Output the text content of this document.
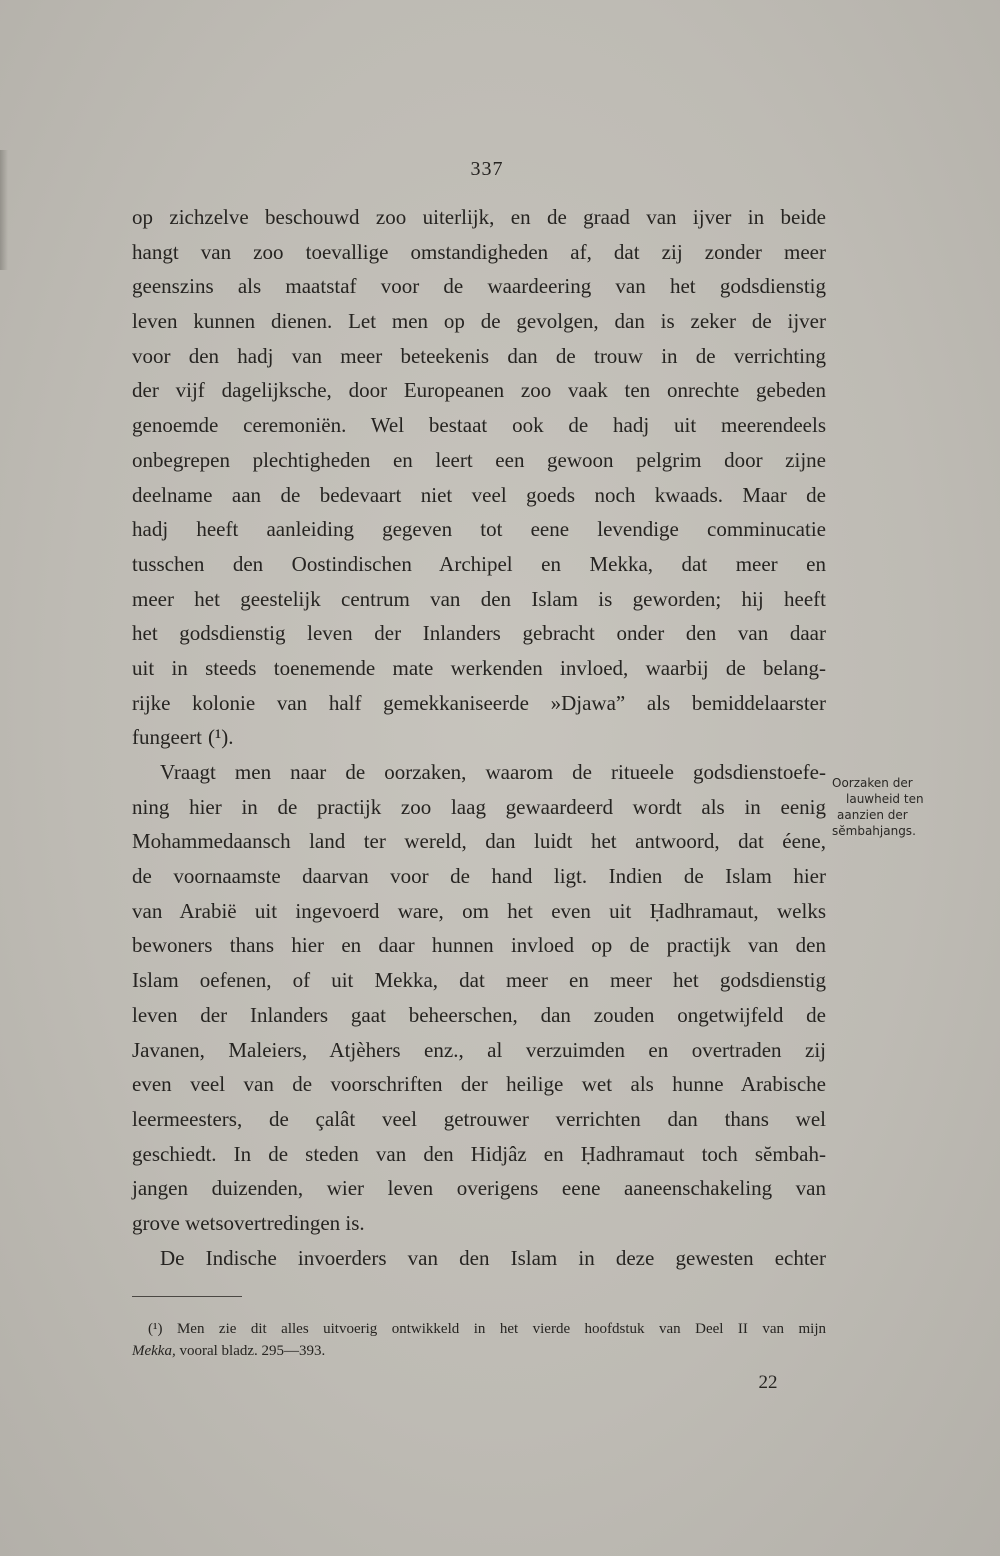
337
op zichzelve beschouwd zoo uiterlijk, en de graad van ijver in beide
hangt van zoo toevallige omstandigheden af, dat zij zonder meer
geenszins als maatstaf voor de waardeering van het godsdienstig
leven kunnen dienen. Let men op de gevolgen, dan is zeker de ijver
voor den hadj van meer beteekenis dan de trouw in de verrichting
der vijf dagelijksche, door Europeanen zoo vaak ten onrechte gebeden
genoemde ceremoniën. Wel bestaat ook de hadj uit meerendeels
onbegrepen plechtigheden en leert een gewoon pelgrim door zijne
deelname aan de bedevaart niet veel goeds noch kwaads. Maar de
hadj heeft aanleiding gegeven tot eene levendige comminucatie
tusschen den Oostindischen Archipel en Mekka, dat meer en
meer het geestelijk centrum van den Islam is geworden; hij heeft
het godsdienstig leven der Inlanders gebracht onder den van daar
uit in steeds toenemende mate werkenden invloed, waarbij de belang-
rijke kolonie van half gemekkaniseerde »Djawa” als bemiddelaarster
fungeert (¹).
Vraagt men naar de oorzaken, waarom de ritueele godsdienstoefe-
ning hier in de practijk zoo laag gewaardeerd wordt als in eenig
Mohammedaansch land ter wereld, dan luidt het antwoord, dat éene,
de voornaamste daarvan voor de hand ligt. Indien de Islam hier
van Arabië uit ingevoerd ware, om het even uit Ḥadhramaut, welks
bewoners thans hier en daar hunnen invloed op de practijk van den
Islam oefenen, of uit Mekka, dat meer en meer het godsdienstig
leven der Inlanders gaat beheerschen, dan zouden ongetwijfeld de
Javanen, Maleiers, Atjèhers enz., al verzuimden en overtraden zij
even veel van de voorschriften der heilige wet als hunne Arabische
leermeesters, de çalât veel getrouwer verrichten dan thans wel
geschiedt. In de steden van den Hidjâz en Ḥadhramaut toch sĕmbah-
jangen duizenden, wier leven overigens eene aaneenschakeling van
grove wetsovertredingen is.
De Indische invoerders van den Islam in deze gewesten echter
Oorzaken der
lauwheid ten
aanzien der
sĕmbahjangs.
(¹) Men zie dit alles uitvoerig ontwikkeld in het vierde hoofdstuk van Deel II van mijn
Mekka, vooral bladz. 295—393.
22
